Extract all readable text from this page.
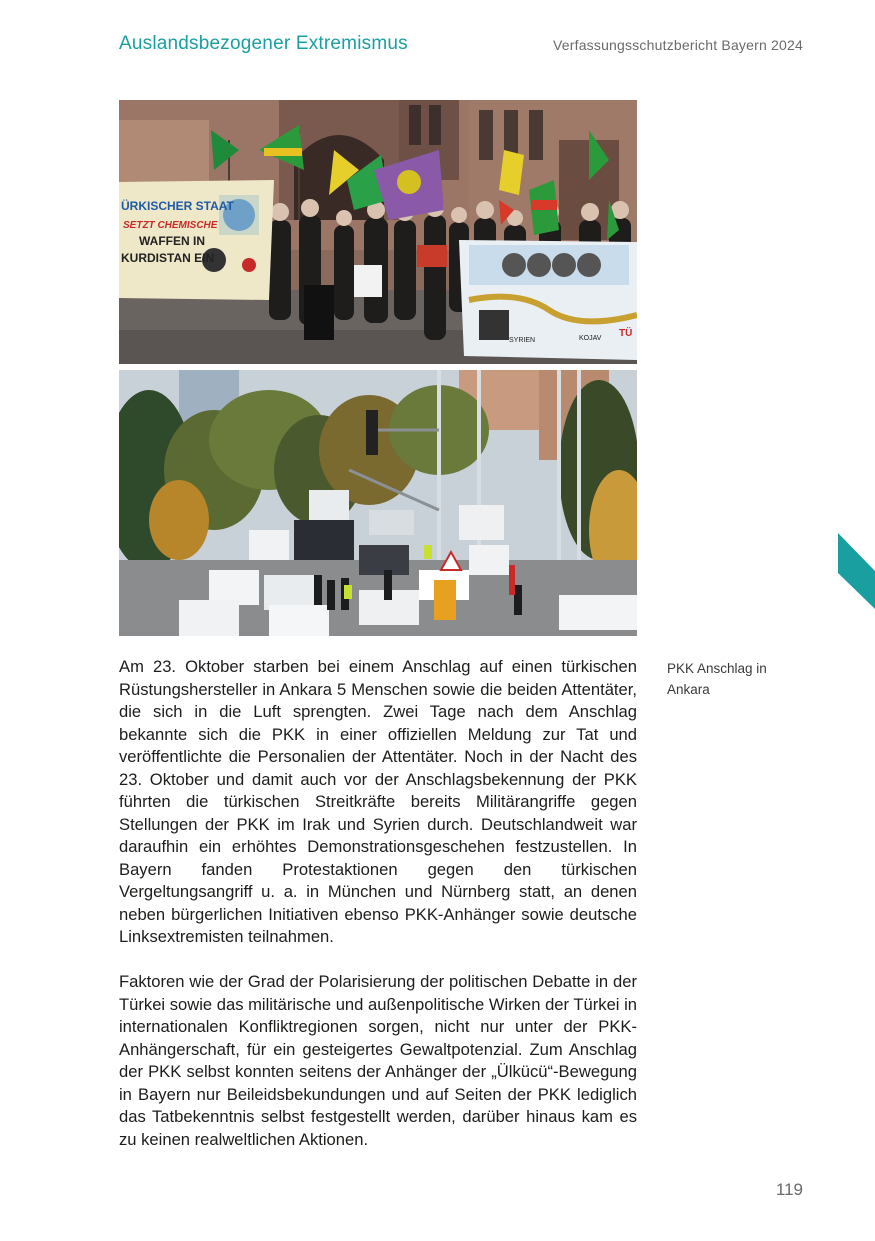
Auslandsbezogener Extremismus	Verfassungsschutzbericht Bayern 2024
ÜRKISCHER STAAT
SETZT CHEMISCHE
WAFFEN IN
KURDISTAN EIN
SYRIEN	KOJAV TÜ
Am 23. Oktober starben bei einem Anschlag auf einen türkischen Rüstungshersteller in Ankara 5 Menschen sowie die beiden Attentäter, die sich in die Luft sprengten. Zwei Tage nach dem Anschlag bekannte sich die PKK in einer offiziellen Meldung zur Tat und veröffentlichte die Personalien der Attentäter. Noch in der Nacht des 23. Oktober und damit auch vor der Anschlagsbekennung der PKK führten die türkischen Streitkräfte bereits Militärangriffe gegen Stellungen der PKK im Irak und Syrien durch. Deutschlandweit war daraufhin ein erhöhtes Demonstrationsgeschehen festzustellen. In Bayern fanden Protestaktionen gegen den türkischen Vergeltungsangriff u. a. in München und Nürnberg statt, an denen neben bürgerlichen Initiativen ebenso PKK-Anhänger sowie deutsche Linksextremisten teilnahmen.
Faktoren wie der Grad der Polarisierung der politischen Debatte in der Türkei sowie das militärische und außenpolitische Wirken der Türkei in internationalen Konfliktregionen sorgen, nicht nur unter der PKK-Anhängerschaft, für ein gesteigertes Gewaltpotenzial. Zum Anschlag der PKK selbst konnten seitens der Anhänger der „Ülkücü“-Bewegung in Bayern nur Beileidsbekundungen und auf Seiten der PKK lediglich das Tatbekenntnis selbst festgestellt werden, darüber hinaus kam es zu keinen realweltlichen Aktionen.
PKK Anschlag in Ankara
119
